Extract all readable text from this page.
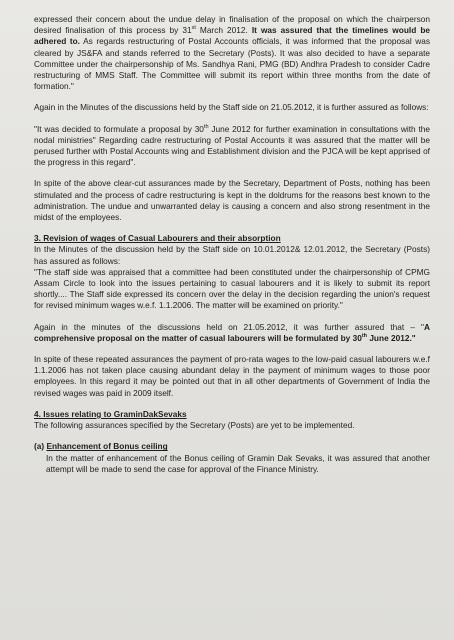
expressed their concern about the undue delay in finalisation of the proposal on which the chairperson desired finalisation of this process by 31st March 2012. It was assured that the timelines would be adhered to. As regards restructuring of Postal Accounts officials, it was informed that the proposal was cleared by JS&FA and stands referred to the Secretary (Posts). It was also decided to have a separate Committee under the chairpersonship of Ms. Sandhya Rani, PMG (BD) Andhra Pradesh to consider Cadre restructuring of MMS Staff. The Committee will submit its report within three months from the date of formation."

Again in the Minutes of the discussions held by the Staff side on 21.05.2012, it is further assured as follows:

"It was decided to formulate a proposal by 30th June 2012 for further examination in consultations with the nodal ministries" Regarding cadre restructuring of Postal Accounts it was assured that the matter will be perused further with Postal Accounts wing and Establishment division and the PJCA will be kept apprised of the progress in this regard".

In spite of the above clear-cut assurances made by the Secretary, Department of Posts, nothing has been stimulated and the process of cadre restructuring is kept in the doldrums for the reasons best known to the administration. The undue and unwarranted delay is causing a concern and also strong resentment in the midst of the employees.

3. Revision of wages of Casual Labourers and their absorption

In the Minutes of the discussion held by the Staff side on 10.01.2012& 12.01.2012, the Secretary (Posts) has assured as follows:

"The staff side was appraised that a committee had been constituted under the chairpersonship of CPMG Assam Circle to look into the issues pertaining to casual labourers and it is likely to submit its report shortly.... The Staff side expressed its concern over the delay in the decision regarding the union's request for revised minimum wages w.e.f. 1.1.2006. The matter will be examined on priority."

Again in the minutes of the discussions held on 21.05.2012, it was further assured that – "A comprehensive proposal on the matter of casual labourers will be formulated by 30th June 2012."

In spite of these repeated assurances the payment of pro-rata wages to the low-paid casual labourers w.e.f 1.1.2006 has not taken place causing abundant delay in the payment of minimum wages to those poor employees. In this regard it may be pointed out that in all other departments of Government of India the revised wages was paid in 2009 itself.

4. Issues relating to GraminDakSevaks

The following assurances specified by the Secretary (Posts) are yet to be implemented.

(a) Enhancement of Bonus ceiling

In the matter of enhancement of the Bonus ceiling of Gramin Dak Sevaks, it was assured that another attempt will be made to send the case for approval of the Finance Ministry.
